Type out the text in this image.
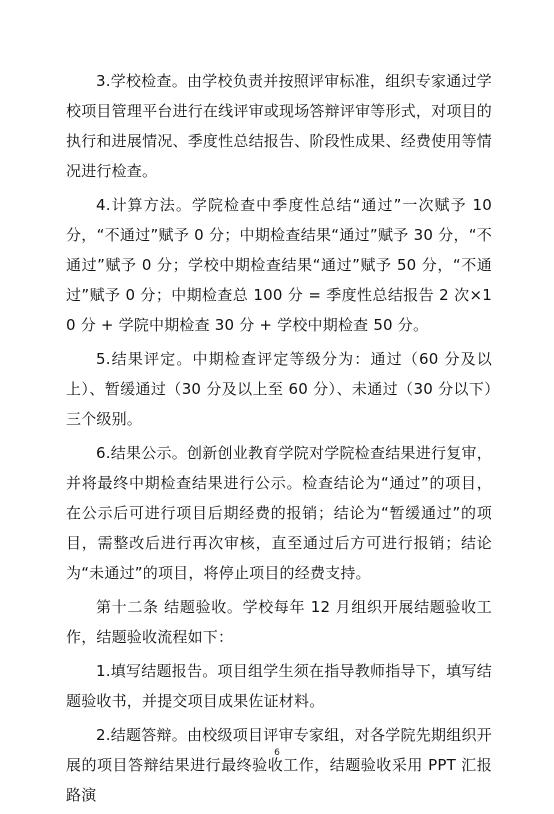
3.学校检查。由学校负责并按照评审标准，组织专家通过学校项目管理平台进行在线评审或现场答辩评审等形式，对项目的执行和进展情况、季度性总结报告、阶段性成果、经费使用等情况进行检查。

4.计算方法。学院检查中季度性总结“通过”一次赋予 10 分，“不通过”赋予 0 分；中期检查结果“通过”赋予 30 分，“不通过”赋予 0 分；学校中期检查结果“通过”赋予 50 分，“不通过”赋予 0 分；中期检查总 100 分 = 季度性总结报告 2 次×10 分 + 学院中期检查 30 分 + 学校中期检查 50 分。

5.结果评定。中期检查评定等级分为：通过（60 分及以上）、暂缓通过（30 分及以上至 60 分）、未通过（30 分以下）三个级别。

6.结果公示。创新创业教育学院对学院检查结果进行复审，并将最终中期检查结果进行公示。检查结论为“通过”的项目，在公示后可进行项目后期经费的报销；结论为“暂缓通过”的项目，需整改后进行再次审核，直至通过后方可进行报销；结论为“未通过”的项目，将停止项目的经费支持。

第十二条 结题验收。学校每年 12 月组织开展结题验收工作，结题验收流程如下：

1.填写结题报告。项目组学生须在指导教师指导下，填写结题验收书，并提交项目成果佐证材料。

2.结题答辩。由校级项目评审专家组，对各学院先期组织开展的项目答辩结果进行最终验收工作，结题验收采用 PPT 汇报路演

6
